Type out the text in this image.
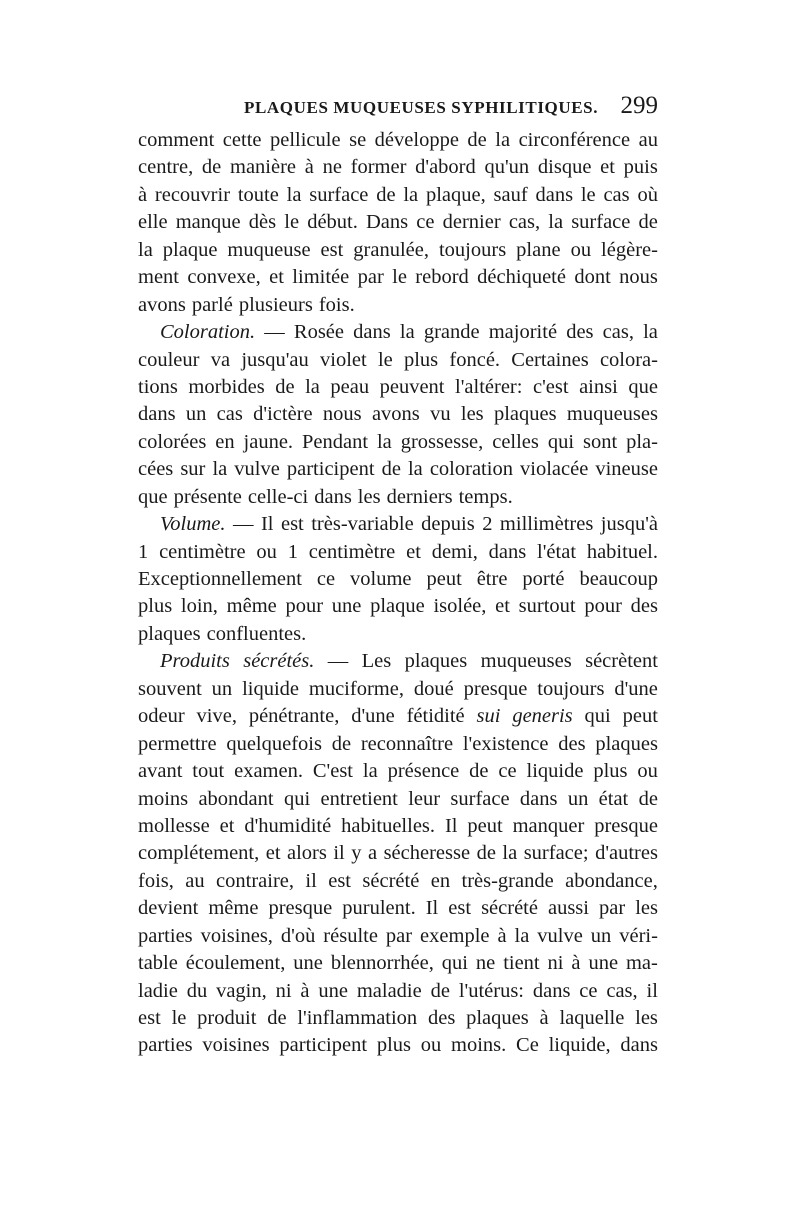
PLAQUES MUQUEUSES SYPHILITIQUES. 299
comment cette pellicule se développe de la circonférence au
centre, de manière à ne former d'abord qu'un disque et puis
à recouvrir toute la surface de la plaque, sauf dans le cas où
elle manque dès le début. Dans ce dernier cas, la surface de
la plaque muqueuse est granulée, toujours plane ou légère-
ment convexe, et limitée par le rebord déchiqueté dont nous
avons parlé plusieurs fois.
Coloration. — Rosée dans la grande majorité des cas, la
couleur va jusqu'au violet le plus foncé. Certaines colora-
tions morbides de la peau peuvent l'altérer: c'est ainsi que
dans un cas d'ictère nous avons vu les plaques muqueuses
colorées en jaune. Pendant la grossesse, celles qui sont pla-
cées sur la vulve participent de la coloration violacée vineuse
que présente celle-ci dans les derniers temps.
Volume. — Il est très-variable depuis 2 millimètres jusqu'à
1 centimètre ou 1 centimètre et demi, dans l'état habituel.
Exceptionnellement ce volume peut être porté beaucoup
plus loin, même pour une plaque isolée, et surtout pour des
plaques confluentes.
Produits sécrétés. — Les plaques muqueuses sécrètent
souvent un liquide muciforme, doué presque toujours d'une
odeur vive, pénétrante, d'une fétidité sui generis qui peut
permettre quelquefois de reconnaître l'existence des plaques
avant tout examen. C'est la présence de ce liquide plus ou
moins abondant qui entretient leur surface dans un état de
mollesse et d'humidité habituelles. Il peut manquer presque
complétement, et alors il y a sécheresse de la surface; d'autres
fois, au contraire, il est sécrété en très-grande abondance,
devient même presque purulent. Il est sécrété aussi par les
parties voisines, d'où résulte par exemple à la vulve un véri-
table écoulement, une blennorrhée, qui ne tient ni à une ma-
ladie du vagin, ni à une maladie de l'utérus: dans ce cas, il
est le produit de l'inflammation des plaques à laquelle les
parties voisines participent plus ou moins. Ce liquide, dans
